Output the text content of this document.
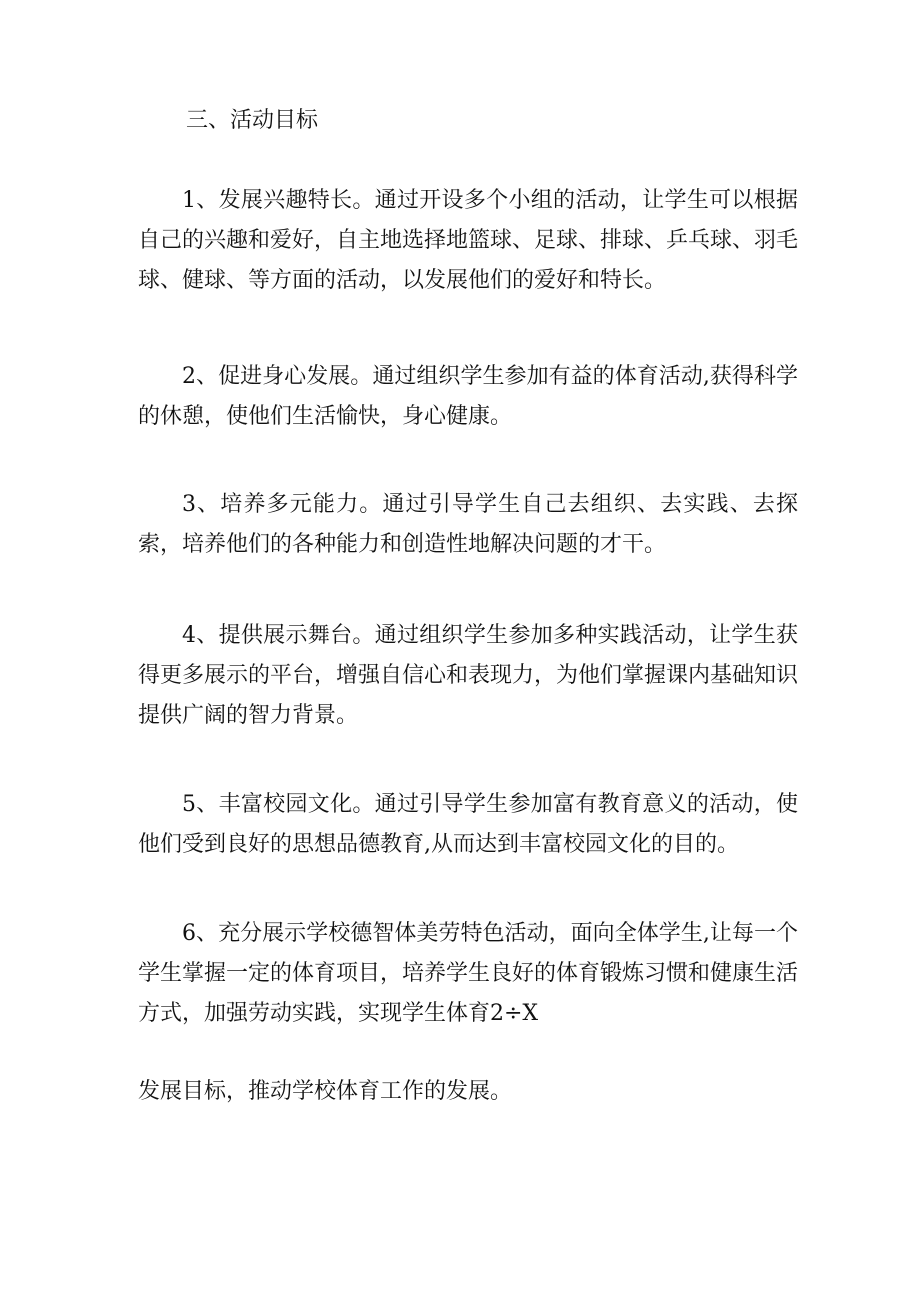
三、活动目标

1、发展兴趣特长。通过开设多个小组的活动，让学生可以根据自己的兴趣和爱好，自主地选择地篮球、足球、排球、乒乓球、羽毛球、健球、等方面的活动，以发展他们的爱好和特长。

2、促进身心发展。通过组织学生参加有益的体育活动,获得科学的休憩，使他们生活愉快，身心健康。

3、培养多元能力。通过引导学生自己去组织、去实践、去探索，培养他们的各种能力和创造性地解决问题的才干。

4、提供展示舞台。通过组织学生参加多种实践活动，让学生获得更多展示的平台，增强自信心和表现力，为他们掌握课内基础知识提供广阔的智力背景。

5、丰富校园文化。通过引导学生参加富有教育意义的活动，使他们受到良好的思想品德教育,从而达到丰富校园文化的目的。

6、充分展示学校德智体美劳特色活动，面向全体学生,让每一个学生掌握一定的体育项目，培养学生良好的体育锻炼习惯和健康生活方式，加强劳动实践，实现学生体育2÷X

发展目标，推动学校体育工作的发展。
